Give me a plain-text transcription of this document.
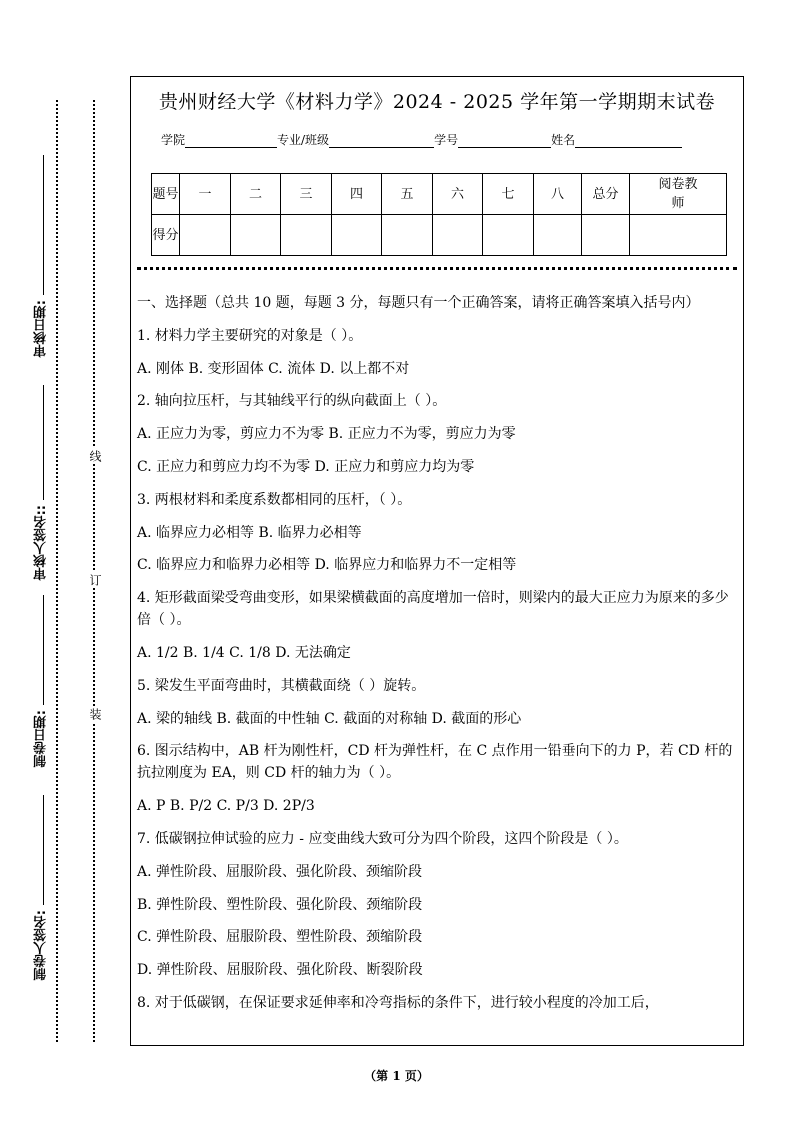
审核日期:
审核人签名::
制卷日期:
制卷人签名:
线
订
装
贵州财经大学《材料力学》2024 - 2025 学年第一学期期末试卷
学院	专业/班级	学号	姓名
题号	一	二	三	四	五	六	七	八	总分	阅卷教师
得分										

一、选择题（总共 10 题，每题 3 分，每题只有一个正确答案，请将正确答案填入括号内）

1. 材料力学主要研究的对象是（ ）。

A. 刚体 B. 变形固体 C. 流体 D. 以上都不对

2. 轴向拉压杆，与其轴线平行的纵向截面上（ ）。

A. 正应力为零，剪应力不为零 B. 正应力不为零，剪应力为零

C. 正应力和剪应力均不为零 D. 正应力和剪应力均为零

3. 两根材料和柔度系数都相同的压杆，（ ）。

A. 临界应力必相等 B. 临界力必相等

C. 临界应力和临界力必相等 D. 临界应力和临界力不一定相等

4. 矩形截面梁受弯曲变形，如果梁横截面的高度增加一倍时，则梁内的最大正应力为原来的多少倍（ ）。

A. 1/2 B. 1/4 C. 1/8 D. 无法确定

5. 梁发生平面弯曲时，其横截面绕（ ）旋转。

A. 梁的轴线 B. 截面的中性轴 C. 截面的对称轴 D. 截面的形心

6. 图示结构中，AB 杆为刚性杆，CD 杆为弹性杆，在 C 点作用一铅垂向下的力 P，若 CD 杆的抗拉刚度为 EA，则 CD 杆的轴力为（ ）。

A. P B. P/2 C. P/3 D. 2P/3

7. 低碳钢拉伸试验的应力 - 应变曲线大致可分为四个阶段，这四个阶段是（ ）。

A. 弹性阶段、屈服阶段、强化阶段、颈缩阶段

B. 弹性阶段、塑性阶段、强化阶段、颈缩阶段

C. 弹性阶段、屈服阶段、塑性阶段、颈缩阶段

D. 弹性阶段、屈服阶段、强化阶段、断裂阶段

8. 对于低碳钢，在保证要求延伸率和冷弯指标的条件下，进行较小程度的冷加工后，

（第 1 页）
